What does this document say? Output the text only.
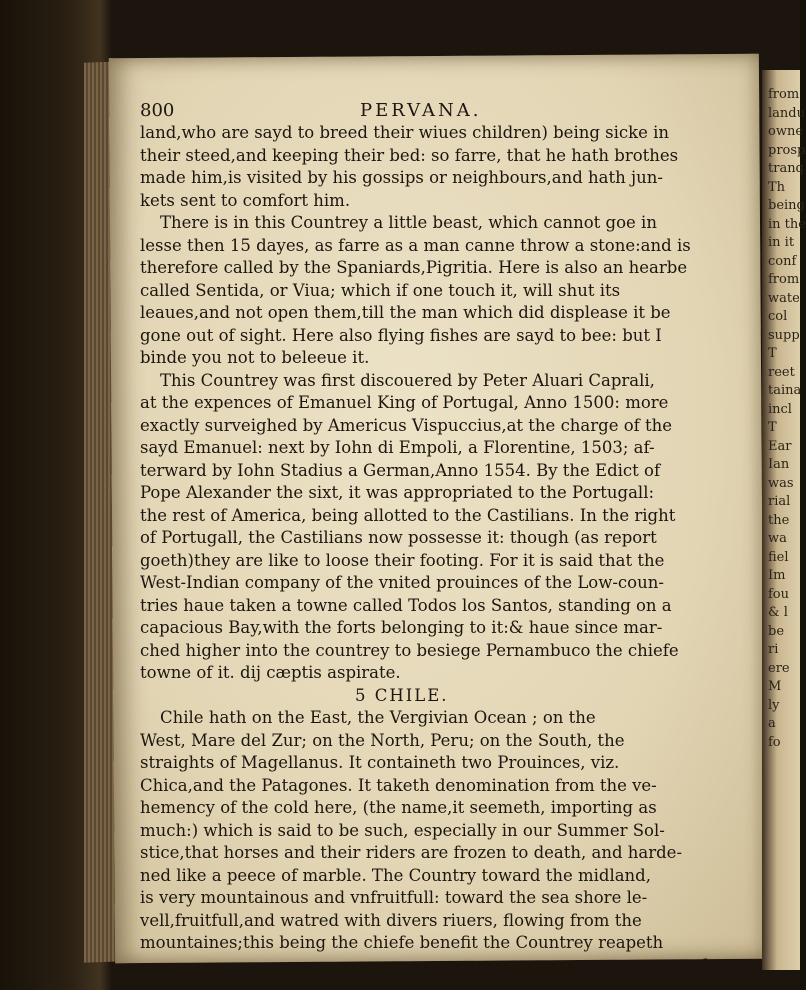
from
landu
owne
prosp
tranq
Th
being
in the
in it
conf
from
wate
col
supp
T
reet
taina
incl
T
Ear
Ian
was
rial
the
wa
fiel
Im
fou
& l
be
ri
ere
M
ly
a
fo
800	PERVANA.
land,who are sayd to breed their wiues children) being sicke in
their steed,and keeping their bed: so farre, that he hath brothes
made him,is visited by his gossips or neighbours,and hath jun-
kets sent to comfort him.
There is in this Countrey a little beast, which cannot goe in
lesse then 15 dayes, as farre as a man canne throw a stone:and is
therefore called by the Spaniards,Pigritia. Here is also an hearbe
called Sentida, or Viua; which if one touch it, will shut its
leaues,and not open them,till the man which did displease it be
gone out of sight. Here also flying fishes are sayd to bee: but I
binde you not to beleeue it.
This Countrey was first discouered by Peter Aluari Caprali,
at the expences of Emanuel King of Portugal, Anno 1500: more
exactly surveighed by Americus Vispuccius,at the charge of the
sayd Emanuel: next by Iohn di Empoli, a Florentine, 1503; af-
terward by Iohn Stadius a German,Anno 1554. By the Edict of
Pope Alexander the sixt, it was appropriated to the Portugall:
the rest of America, being allotted to the Castilians. In the right
of Portugall, the Castilians now possesse it: though (as report
goeth)they are like to loose their footing. For it is said that the
West-Indian company of the vnited prouinces of the Low-coun-
tries haue taken a towne called Todos los Santos, standing on a
capacious Bay,with the forts belonging to it:& haue since mar-
ched higher into the countrey to besiege Pernambuco the chiefe
towne of it. dij cæptis aspirate.
5 CHILE.
Chile hath on the East, the Vergivian Ocean ; on the
West, Mare del Zur; on the North, Peru; on the South, the
straights of Magellanus. It containeth two Prouinces, viz.
Chica,and the Patagones. It taketh denomination from the ve-
hemency of the cold here, (the name,it seemeth, importing as
much:) which is said to be such, especially in our Summer Sol-
stice,that horses and their riders are frozen to death, and harde-
ned like a peece of marble. The Country toward the midland,
is very mountainous and vnfruitfull: toward the sea shore le-
vell,fruitfull,and watred with divers riuers, flowing from the
mountaines;this being the chiefe benefit the Countrey reapeth
from
